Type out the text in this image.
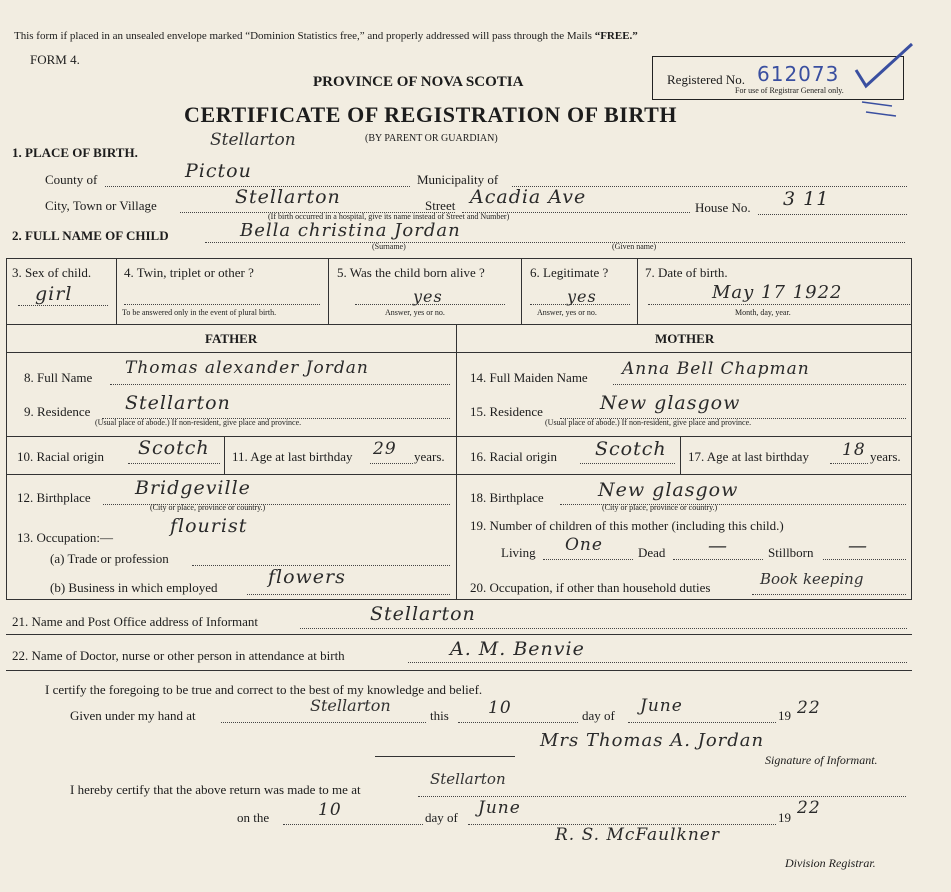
This form if placed in an unsealed envelope marked “Dominion Statistics free,” and properly addressed will pass through the Mails “FREE.”
FORM 4.
PROVINCE OF NOVA SCOTIA
CERTIFICATE OF REGISTRATION OF BIRTH
(BY PARENT OR GUARDIAN)
Registered No. 612073
For use of Registrar General only.
1. PLACE OF BIRTH.
Stellarton
County of	Pictou	Municipality of
City, Town or Village	Stellarton	Street Acadia Ave
(If birth occurred in a hospital, give its name instead of Street and Number)
House No. 3 11
2. FULL NAME OF CHILD	Bella christina Jordan
(Surname)	(Given name)
3. Sex of child.
girl
4. Twin, triplet or other ?
To be answered only in the event of plural birth.
5. Was the child born alive ?
yes
Answer, yes or no.
6. Legitimate ?
yes
Answer, yes or no.
7. Date of birth.
May 17 1922
Month, day, year.
FATHER	MOTHER
8. Full Name Thomas alexander Jordan
9. Residence Stellarton
(Usual place of abode.) If non-resident, give place and province.
10. Racial origin Scotch 11. Age at last birthday 29 years.
12. Birthplace Bridgeville
(City or place, province or country.)
13. Occupation:—
flourist
(a) Trade or profession
(b) Business in which employed	flowers
14. Full Maiden Name Anna Bell Chapman
15. Residence	New glasgow
(Usual place of abode.) If non-resident, give place and province.
16. Racial origin Scotch 17. Age at last birthday 18 years.
18. Birthplace	New glasgow
(City or place, province or country.)
19. Number of children of this mother (including this child.)
Living One	Dead —	Stillborn —
20. Occupation, if other than household duties	Book keeping
21. Name and Post Office address of Informant	Stellarton
22. Name of Doctor, nurse or other person in attendance at birth	A. M. Benvie
I certify the foregoing to be true and correct to the best of my knowledge and belief.
Given under my hand at
Stellarton
this 10	day of June	19 22
Mrs Thomas A. Jordan
Signature of Informant.
I hereby certify that the above return was made to me at
Stellarton
on the	10	day of June	19 22
R. S. McFaulkner
Division Registrar.
